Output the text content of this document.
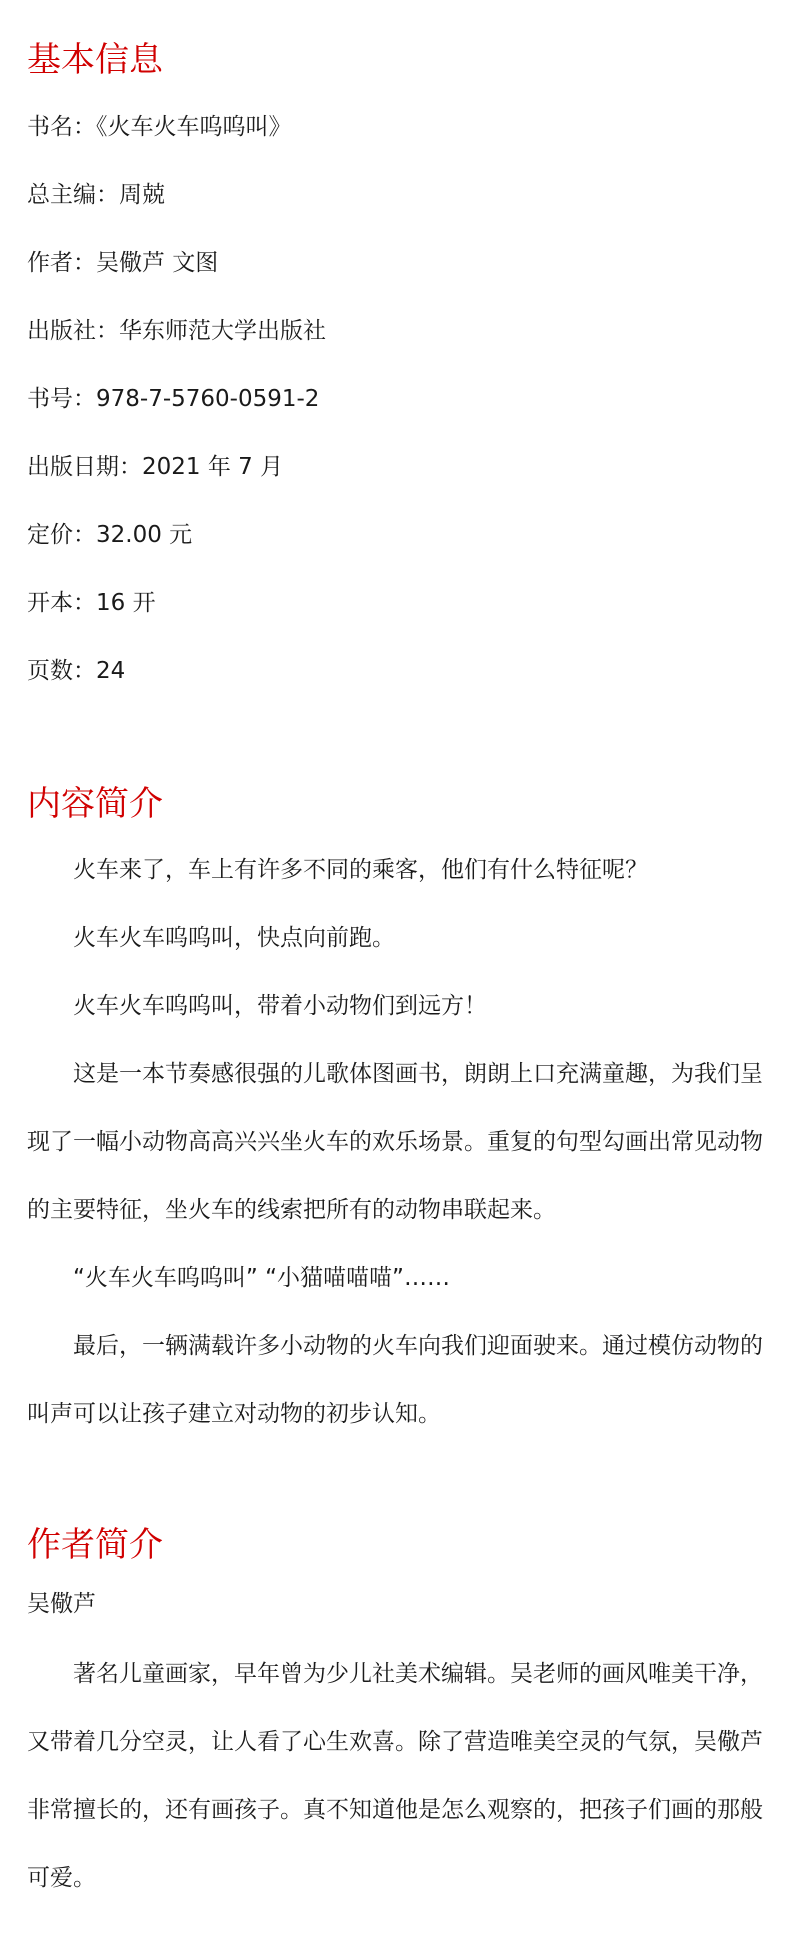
基本信息

书名：《火车火车呜呜叫》

总主编：周兢

作者：吴儆芦 文图

出版社：华东师范大学出版社

书号：978-7-5760-0591-2

出版日期：2021 年 7 月

定价：32.00 元

开本：16 开

页数：24

内容简介

火车来了，车上有许多不同的乘客，他们有什么特征呢？

火车火车呜呜叫，快点向前跑。

火车火车呜呜叫，带着小动物们到远方！

这是一本节奏感很强的儿歌体图画书，朗朗上口充满童趣，为我们呈现了一幅小动物高高兴兴坐火车的欢乐场景。重复的句型勾画出常见动物的主要特征，坐火车的线索把所有的动物串联起来。

“火车火车呜呜叫” “小猫喵喵喵”……

最后，一辆满载许多小动物的火车向我们迎面驶来。通过模仿动物的叫声可以让孩子建立对动物的初步认知。

作者简介

吴儆芦

著名儿童画家，早年曾为少儿社美术编辑。吴老师的画风唯美干净，又带着几分空灵，让人看了心生欢喜。除了营造唯美空灵的气氛，吴儆芦非常擅长的，还有画孩子。真不知道他是怎么观察的，把孩子们画的那般可爱。
